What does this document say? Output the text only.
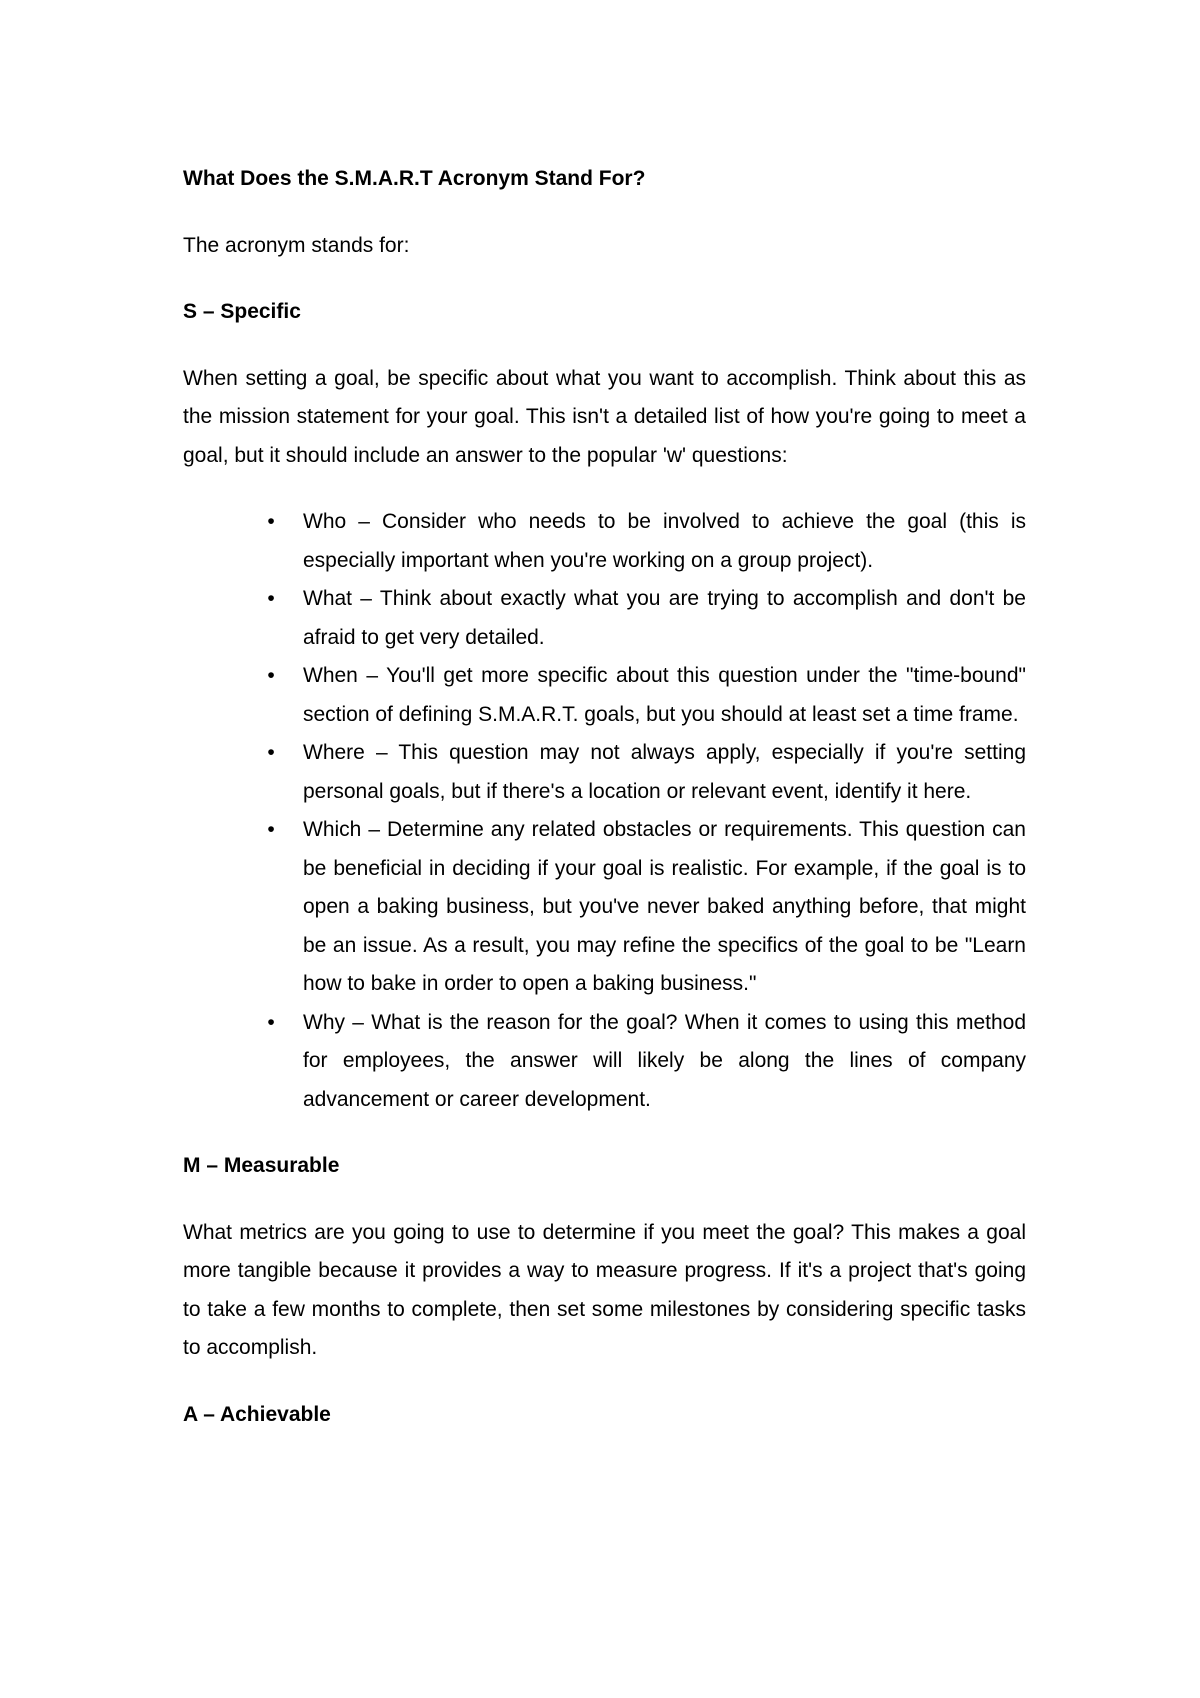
What Does the S.M.A.R.T Acronym Stand For?

The acronym stands for:

S – Specific

When setting a goal, be specific about what you want to accomplish. Think about this as the mission statement for your goal. This isn't a detailed list of how you're going to meet a goal, but it should include an answer to the popular 'w' questions:

• Who – Consider who needs to be involved to achieve the goal (this is especially important when you're working on a group project).
• What – Think about exactly what you are trying to accomplish and don't be afraid to get very detailed.
• When – You'll get more specific about this question under the "time-bound" section of defining S.M.A.R.T. goals, but you should at least set a time frame.
• Where – This question may not always apply, especially if you're setting personal goals, but if there's a location or relevant event, identify it here.
• Which – Determine any related obstacles or requirements. This question can be beneficial in deciding if your goal is realistic. For example, if the goal is to open a baking business, but you've never baked anything before, that might be an issue. As a result, you may refine the specifics of the goal to be "Learn how to bake in order to open a baking business."
• Why – What is the reason for the goal? When it comes to using this method for employees, the answer will likely be along the lines of company advancement or career development.

M – Measurable

What metrics are you going to use to determine if you meet the goal? This makes a goal more tangible because it provides a way to measure progress. If it's a project that's going to take a few months to complete, then set some milestones by considering specific tasks to accomplish.

A – Achievable
